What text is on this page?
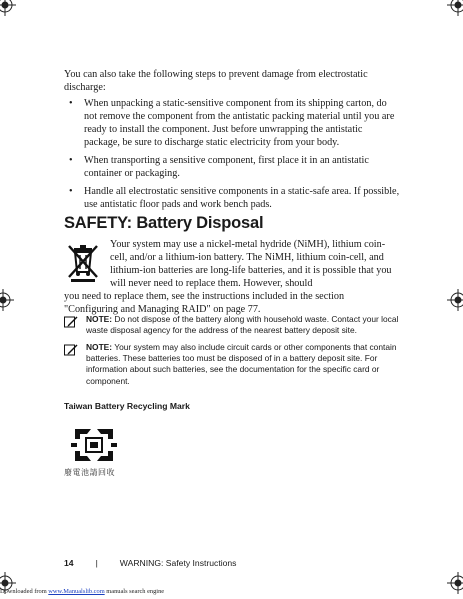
You can also take the following steps to prevent damage from electrostatic discharge:
• When unpacking a static-sensitive component from its shipping carton, do not remove the component from the antistatic packing material until you are ready to install the component. Just before unwrapping the antistatic package, be sure to discharge static electricity from your body.
• When transporting a sensitive component, first place it in an antistatic container or packaging.
• Handle all electrostatic sensitive components in a static-safe area. If possible, use antistatic floor pads and work bench pads.
SAFETY: Battery Disposal
Your system may use a nickel-metal hydride (NiMH), lithium coin-cell, and/or a lithium-ion battery. The NiMH, lithium coin-cell, and lithium-ion batteries are long-life batteries, and it is possible that you will never need to replace them. However, should
you need to replace them, see the instructions included in the section "Configuring and Managing RAID" on page 77.
NOTE: Do not dispose of the battery along with household waste. Contact your local waste disposal agency for the address of the nearest battery deposit site.
NOTE: Your system may also include circuit cards or other components that contain batteries. These batteries too must be disposed of in a battery deposit site. For information about such batteries, see the documentation for the specific card or component.
Taiwan Battery Recycling Mark
廢電池請回收
14	|	WARNING: Safety Instructions
Downloaded from www.Manualslib.com manuals search engine
